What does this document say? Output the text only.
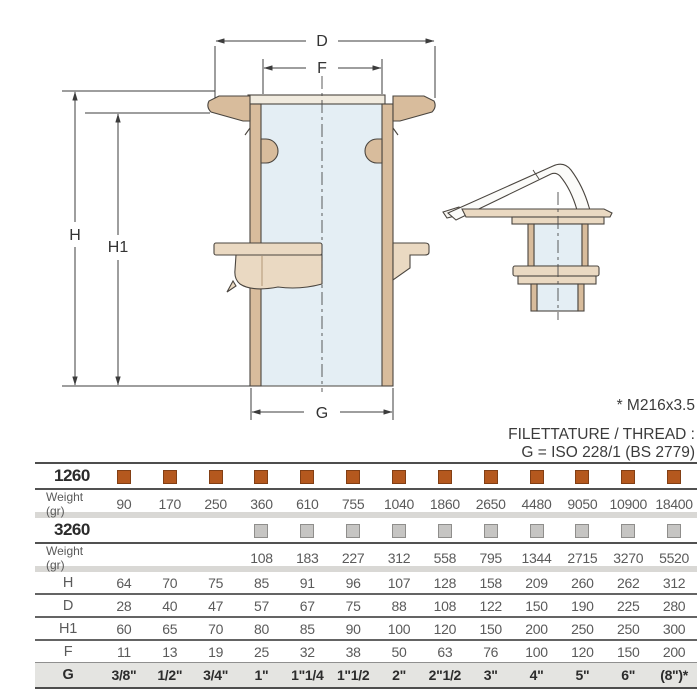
D
F
H
H1
G	* M216x3.5
FILETTATURE / THREAD :
G = ISO 228/1 (BS 2779)
1260
Weight (gr)	90	170	250	360	610	755	1040	1860	2650	4480	9050 10900 18400
3260
Weight (gr)	108	183	227	312	558	795	1344	2715	3270	5520
H	64	70	75	85	91	96	107	128	158	209	260	262	312
D	28	40	47	57	67	75	88	108	122	150	190	225	280
H1	60	65	70	80	85	90	100	120	150	200	250	250	300
F	11	13	19	25	32	38	50	63	76	100	120	150	200
G	3/8"	1/2"	3/4"	1"	1"1/4 1"1/2	2"	2"1/2	3"	4"	5"	6"	(8")*
